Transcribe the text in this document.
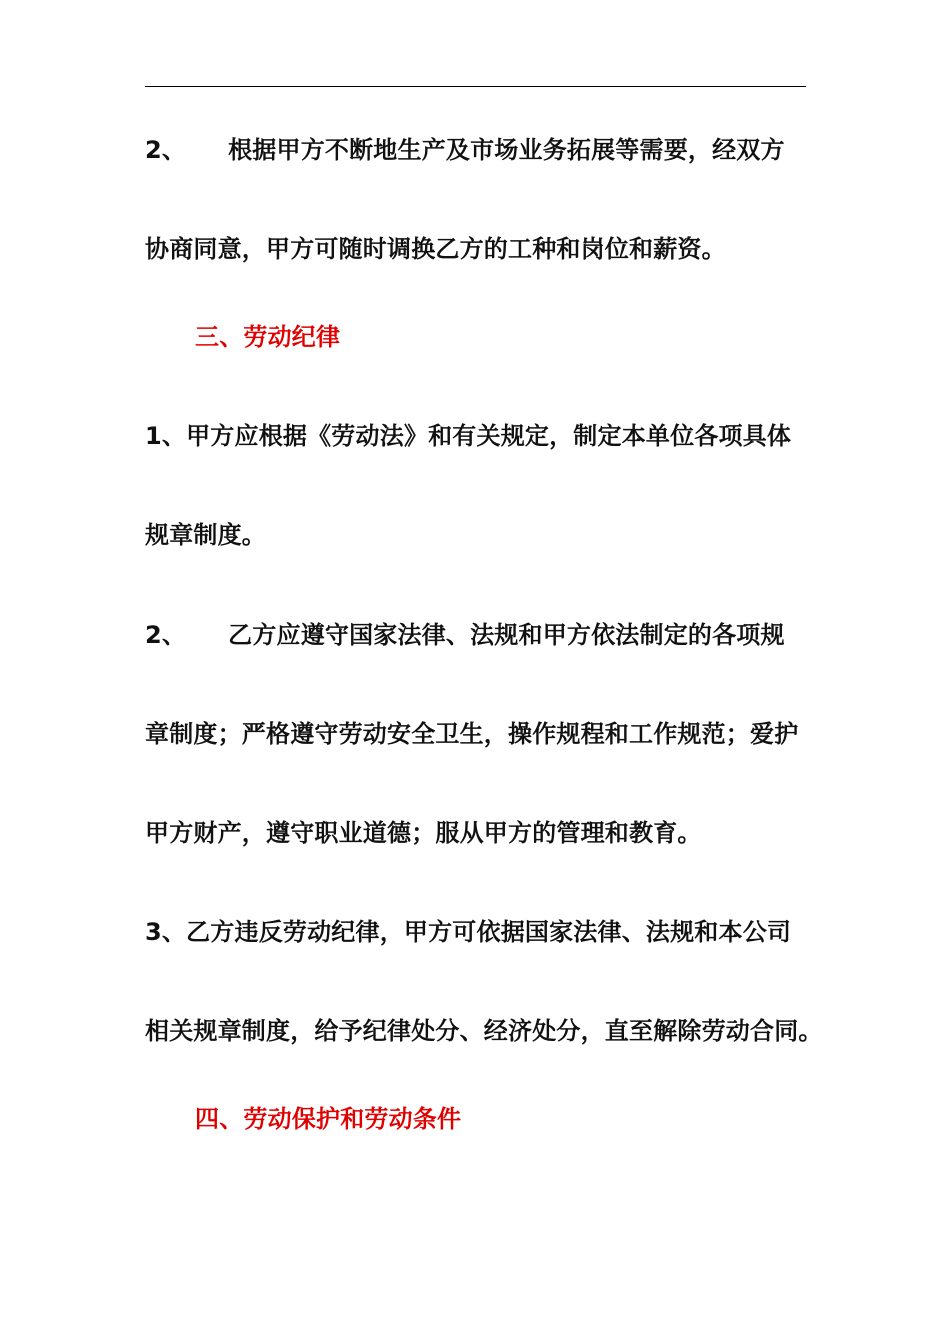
2、 根据甲方不断地生产及市场业务拓展等需要，经双方
协商同意，甲方可随时调换乙方的工种和岗位和薪资。
三、劳动纪律
1、甲方应根据《劳动法》和有关规定，制定本单位各项具体
规章制度。
2、 乙方应遵守国家法律、法规和甲方依法制定的各项规
章制度；严格遵守劳动安全卫生，操作规程和工作规范；爱护
甲方财产，遵守职业道德；服从甲方的管理和教育。
3、乙方违反劳动纪律，甲方可依据国家法律、法规和本公司
相关规章制度，给予纪律处分、经济处分，直至解除劳动合同。
四、劳动保护和劳动条件
